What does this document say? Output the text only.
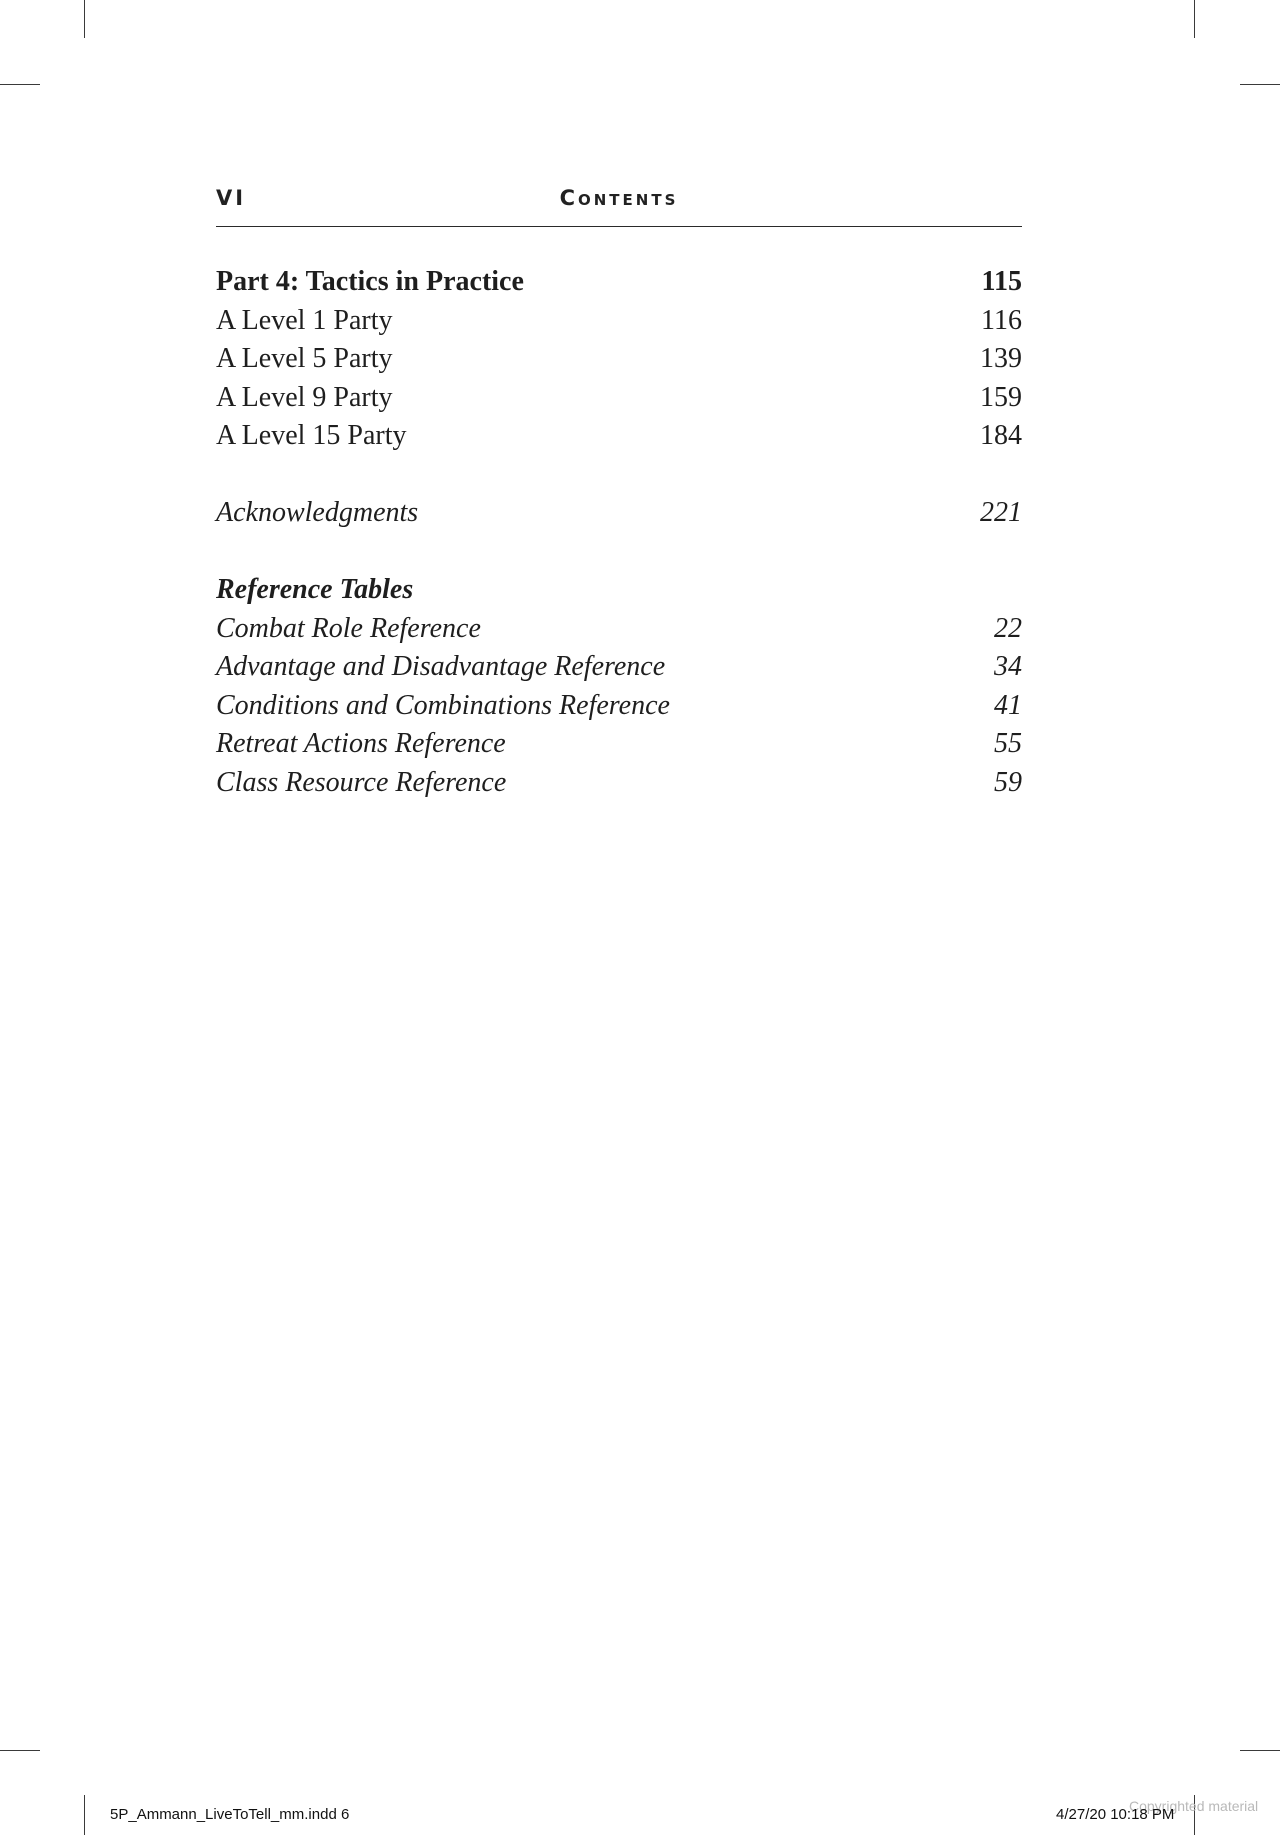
VI	Contents
Part 4: Tactics in Practice	115
A Level 1 Party	116
A Level 5 Party	139
A Level 9 Party	159
A Level 15 Party	184
Acknowledgments	221
Reference Tables
Combat Role Reference	22
Advantage and Disadvantage Reference	34
Conditions and Combinations Reference	41
Retreat Actions Reference	55
Class Resource Reference	59
5P_Ammann_LiveToTell_mm.indd 6	Copyrighted material
4/27/20 10:18 PM
